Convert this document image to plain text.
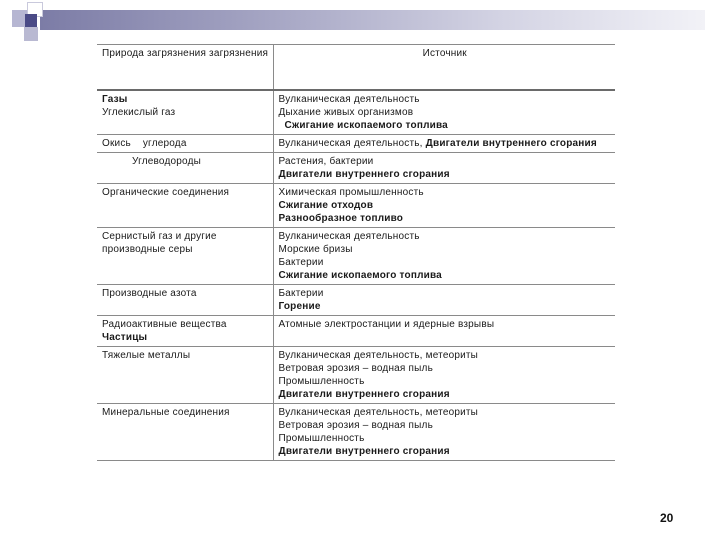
Природа загрязнения загрязнения	Источник

Газы
Углекислый газ	Вулканическая деятельность
Дыхание живых организмов
Сжигание ископаемого топлива

Окись    углерода	Вулканическая деятельность, Двигатели внутреннего сгорания

Углеводороды	Растения, бактерии
Двигатели внутреннего сгорания

Органические соединения	Химическая промышленность
Сжигание отходов
Разнообразное топливо

Сернистый газ и другие производные серы	Вулканическая деятельность
Морские бризы
Бактерии
Сжигание ископаемого топлива

Производные азота	Бактерии
Горение

Радиоактивные вещества
Частицы	Атомные электростанции и ядерные взрывы

Тяжелые металлы	Вулканическая деятельность, метеориты
Ветровая эрозия – водная пыль
Промышленность
Двигатели внутреннего сгорания

Минеральные соединения	Вулканическая деятельность, метеориты
Ветровая эрозия – водная пыль
Промышленность
Двигатели внутреннего сгорания
20
